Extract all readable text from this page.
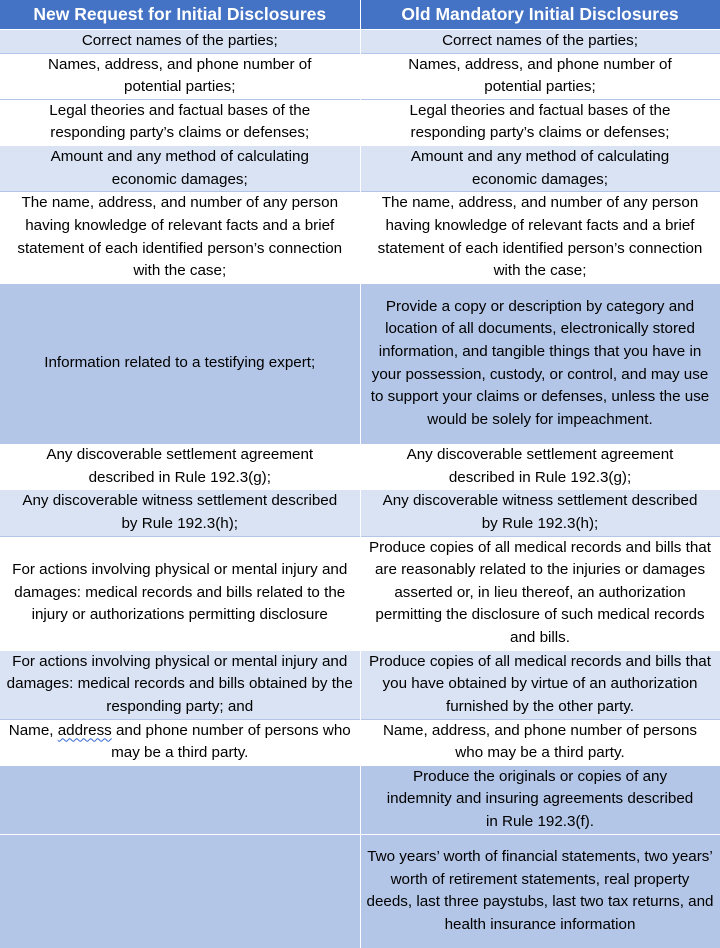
New Request for Initial Disclosures	Old Mandatory Initial Disclosures
Correct names of the parties;	Correct names of the parties;
Names, address, and phone number of potential parties;	Names, address, and phone number of potential parties;
Legal theories and factual bases of the responding party’s claims or defenses;	Legal theories and factual bases of the responding party’s claims or defenses;
Amount and any method of calculating economic damages;	Amount and any method of calculating economic damages;
The name, address, and number of any person having knowledge of relevant facts and a brief statement of each identified person’s connection with the case;	The name, address, and number of any person having knowledge of relevant facts and a brief statement of each identified person’s connection with the case;
Information related to a testifying expert;	Provide a copy or description by category and location of all documents, electronically stored information, and tangible things that you have in your possession, custody, or control, and may use to support your claims or defenses, unless the use would be solely for impeachment.
Any discoverable settlement agreement described in Rule 192.3(g);	Any discoverable settlement agreement described in Rule 192.3(g);
Any discoverable witness settlement described by Rule 192.3(h);	Any discoverable witness settlement described by Rule 192.3(h);
For actions involving physical or mental injury and damages: medical records and bills related to the injury or authorizations permitting disclosure	Produce copies of all medical records and bills that are reasonably related to the injuries or damages asserted or, in lieu thereof, an authorization permitting the disclosure of such medical records and bills.
For actions involving physical or mental injury and damages: medical records and bills obtained by the responding party; and	Produce copies of all medical records and bills that you have obtained by virtue of an authorization furnished by the other party.
Name, address and phone number of persons who may be a third party.	Name, address, and phone number of persons who may be a third party.
	Produce the originals or copies of any indemnity and insuring agreements described in Rule 192.3(f).
	Two years’ worth of financial statements, two years’ worth of retirement statements, real property deeds, last three paystubs, last two tax returns, and health insurance information
